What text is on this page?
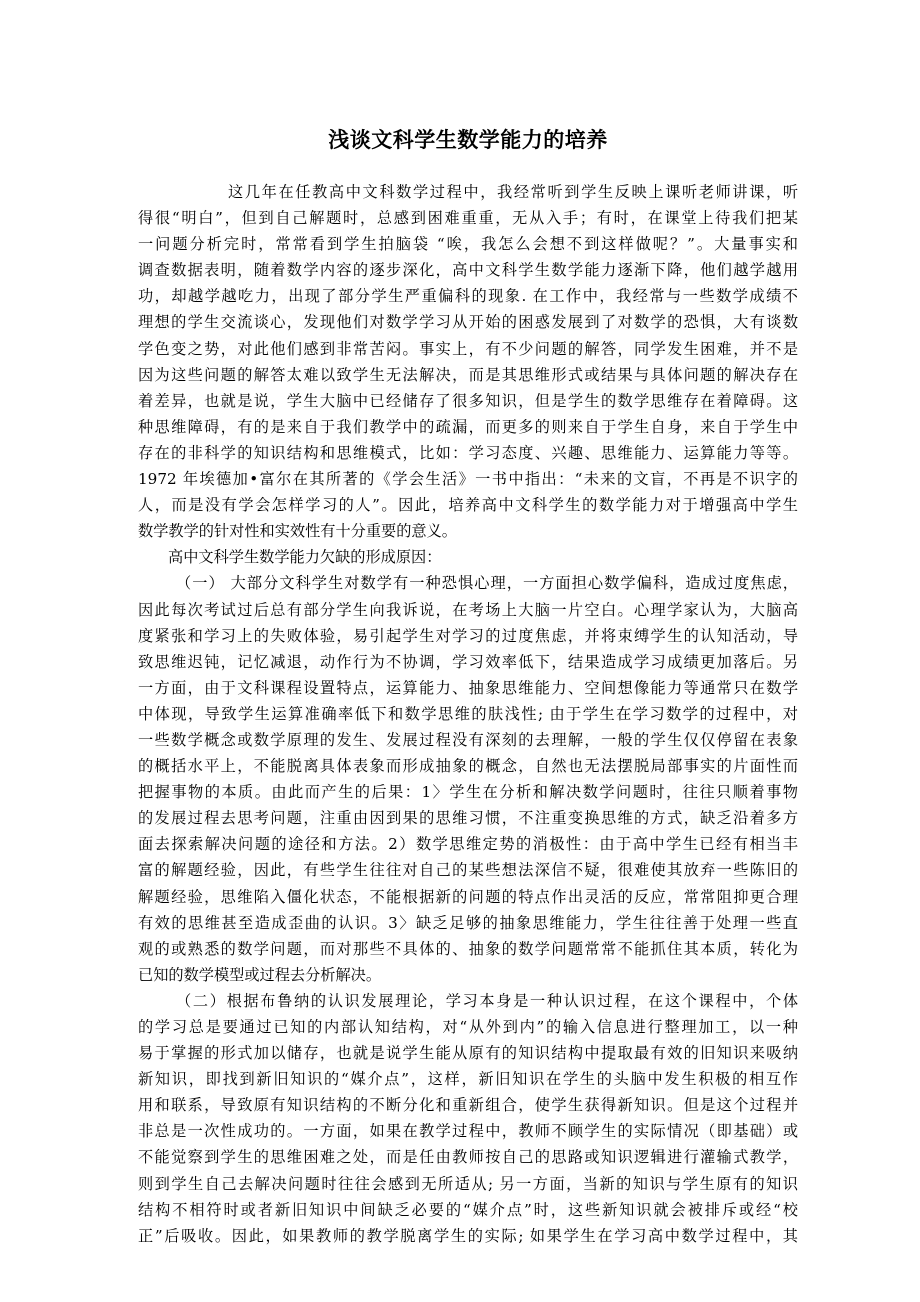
浅谈文科学生数学能力的培养
这几年在任教高中文科数学过程中，我经常听到学生反映上课听老师讲课，听
得很“明白”，但到自己解题时，总感到困难重重，无从入手；有时，在课堂上待我们把某
一问题分析完时，常常看到学生拍脑袋 “唉，我怎么会想不到这样做呢？”。大量事实和
调查数据表明，随着数学内容的逐步深化，高中文科学生数学能力逐渐下降，他们越学越用
功，却越学越吃力，出现了部分学生严重偏科的现象. 在工作中，我经常与一些数学成绩不
理想的学生交流谈心，发现他们对数学学习从开始的困惑发展到了对数学的恐惧，大有谈数
学色变之势，对此他们感到非常苦闷。事实上，有不少问题的解答，同学发生困难，并不是
因为这些问题的解答太难以致学生无法解决，而是其思维形式或结果与具体问题的解决存在
着差异，也就是说，学生大脑中已经储存了很多知识，但是学生的数学思维存在着障碍。这
种思维障碍，有的是来自于我们教学中的疏漏，而更多的则来自于学生自身，来自于学生中
存在的非科学的知识结构和思维模式，比如：学习态度、兴趣、思维能力、运算能力等等。
1972 年埃德加•富尔在其所著的《学会生活》一书中指出：“未来的文盲，不再是不识字的
人，而是没有学会怎样学习的人”。因此，培养高中文科学生的数学能力对于增强高中学生
数学教学的针对性和实效性有十分重要的意义。
高中文科学生数学能力欠缺的形成原因：
（一） 大部分文科学生对数学有一种恐惧心理，一方面担心数学偏科，造成过度焦虑，
因此每次考试过后总有部分学生向我诉说，在考场上大脑一片空白。心理学家认为，大脑高
度紧张和学习上的失败体验，易引起学生对学习的过度焦虑，并将束缚学生的认知活动，导
致思维迟钝，记忆减退，动作行为不协调，学习效率低下，结果造成学习成绩更加落后。另
一方面，由于文科课程设置特点，运算能力、抽象思维能力、空间想像能力等通常只在数学
中体现，导致学生运算准确率低下和数学思维的肤浅性; 由于学生在学习数学的过程中，对
一些数学概念或数学原理的发生、发展过程没有深刻的去理解，一般的学生仅仅停留在表象
的概括水平上，不能脱离具体表象而形成抽象的概念，自然也无法摆脱局部事实的片面性而
把握事物的本质。由此而产生的后果：1〉学生在分析和解决数学问题时，往往只顺着事物
的发展过程去思考问题，注重由因到果的思维习惯，不注重变换思维的方式，缺乏沿着多方
面去探索解决问题的途径和方法。2）数学思维定势的消极性：由于高中学生已经有相当丰
富的解题经验，因此，有些学生往往对自己的某些想法深信不疑，很难使其放弃一些陈旧的
解题经验，思维陷入僵化状态，不能根据新的问题的特点作出灵活的反应，常常阻抑更合理
有效的思维甚至造成歪曲的认识。3〉缺乏足够的抽象思维能力，学生往往善于处理一些直
观的或熟悉的数学问题，而对那些不具体的、抽象的数学问题常常不能抓住其本质，转化为
已知的数学模型或过程去分析解决。
（二）根据布鲁纳的认识发展理论，学习本身是一种认识过程，在这个课程中，个体
的学习总是要通过已知的内部认知结构，对“从外到内”的输入信息进行整理加工，以一种
易于掌握的形式加以储存，也就是说学生能从原有的知识结构中提取最有效的旧知识来吸纳
新知识，即找到新旧知识的“媒介点”，这样，新旧知识在学生的头脑中发生积极的相互作
用和联系，导致原有知识结构的不断分化和重新组合，使学生获得新知识。但是这个过程并
非总是一次性成功的。一方面，如果在教学过程中，教师不顾学生的实际情况（即基础）或
不能觉察到学生的思维困难之处，而是任由教师按自己的思路或知识逻辑进行灌输式教学，
则到学生自己去解决问题时往往会感到无所适从; 另一方面，当新的知识与学生原有的知识
结构不相符时或者新旧知识中间缺乏必要的“媒介点”时，这些新知识就会被排斥或经“校
正”后吸收。因此，如果教师的教学脱离学生的实际; 如果学生在学习高中数学过程中，其
